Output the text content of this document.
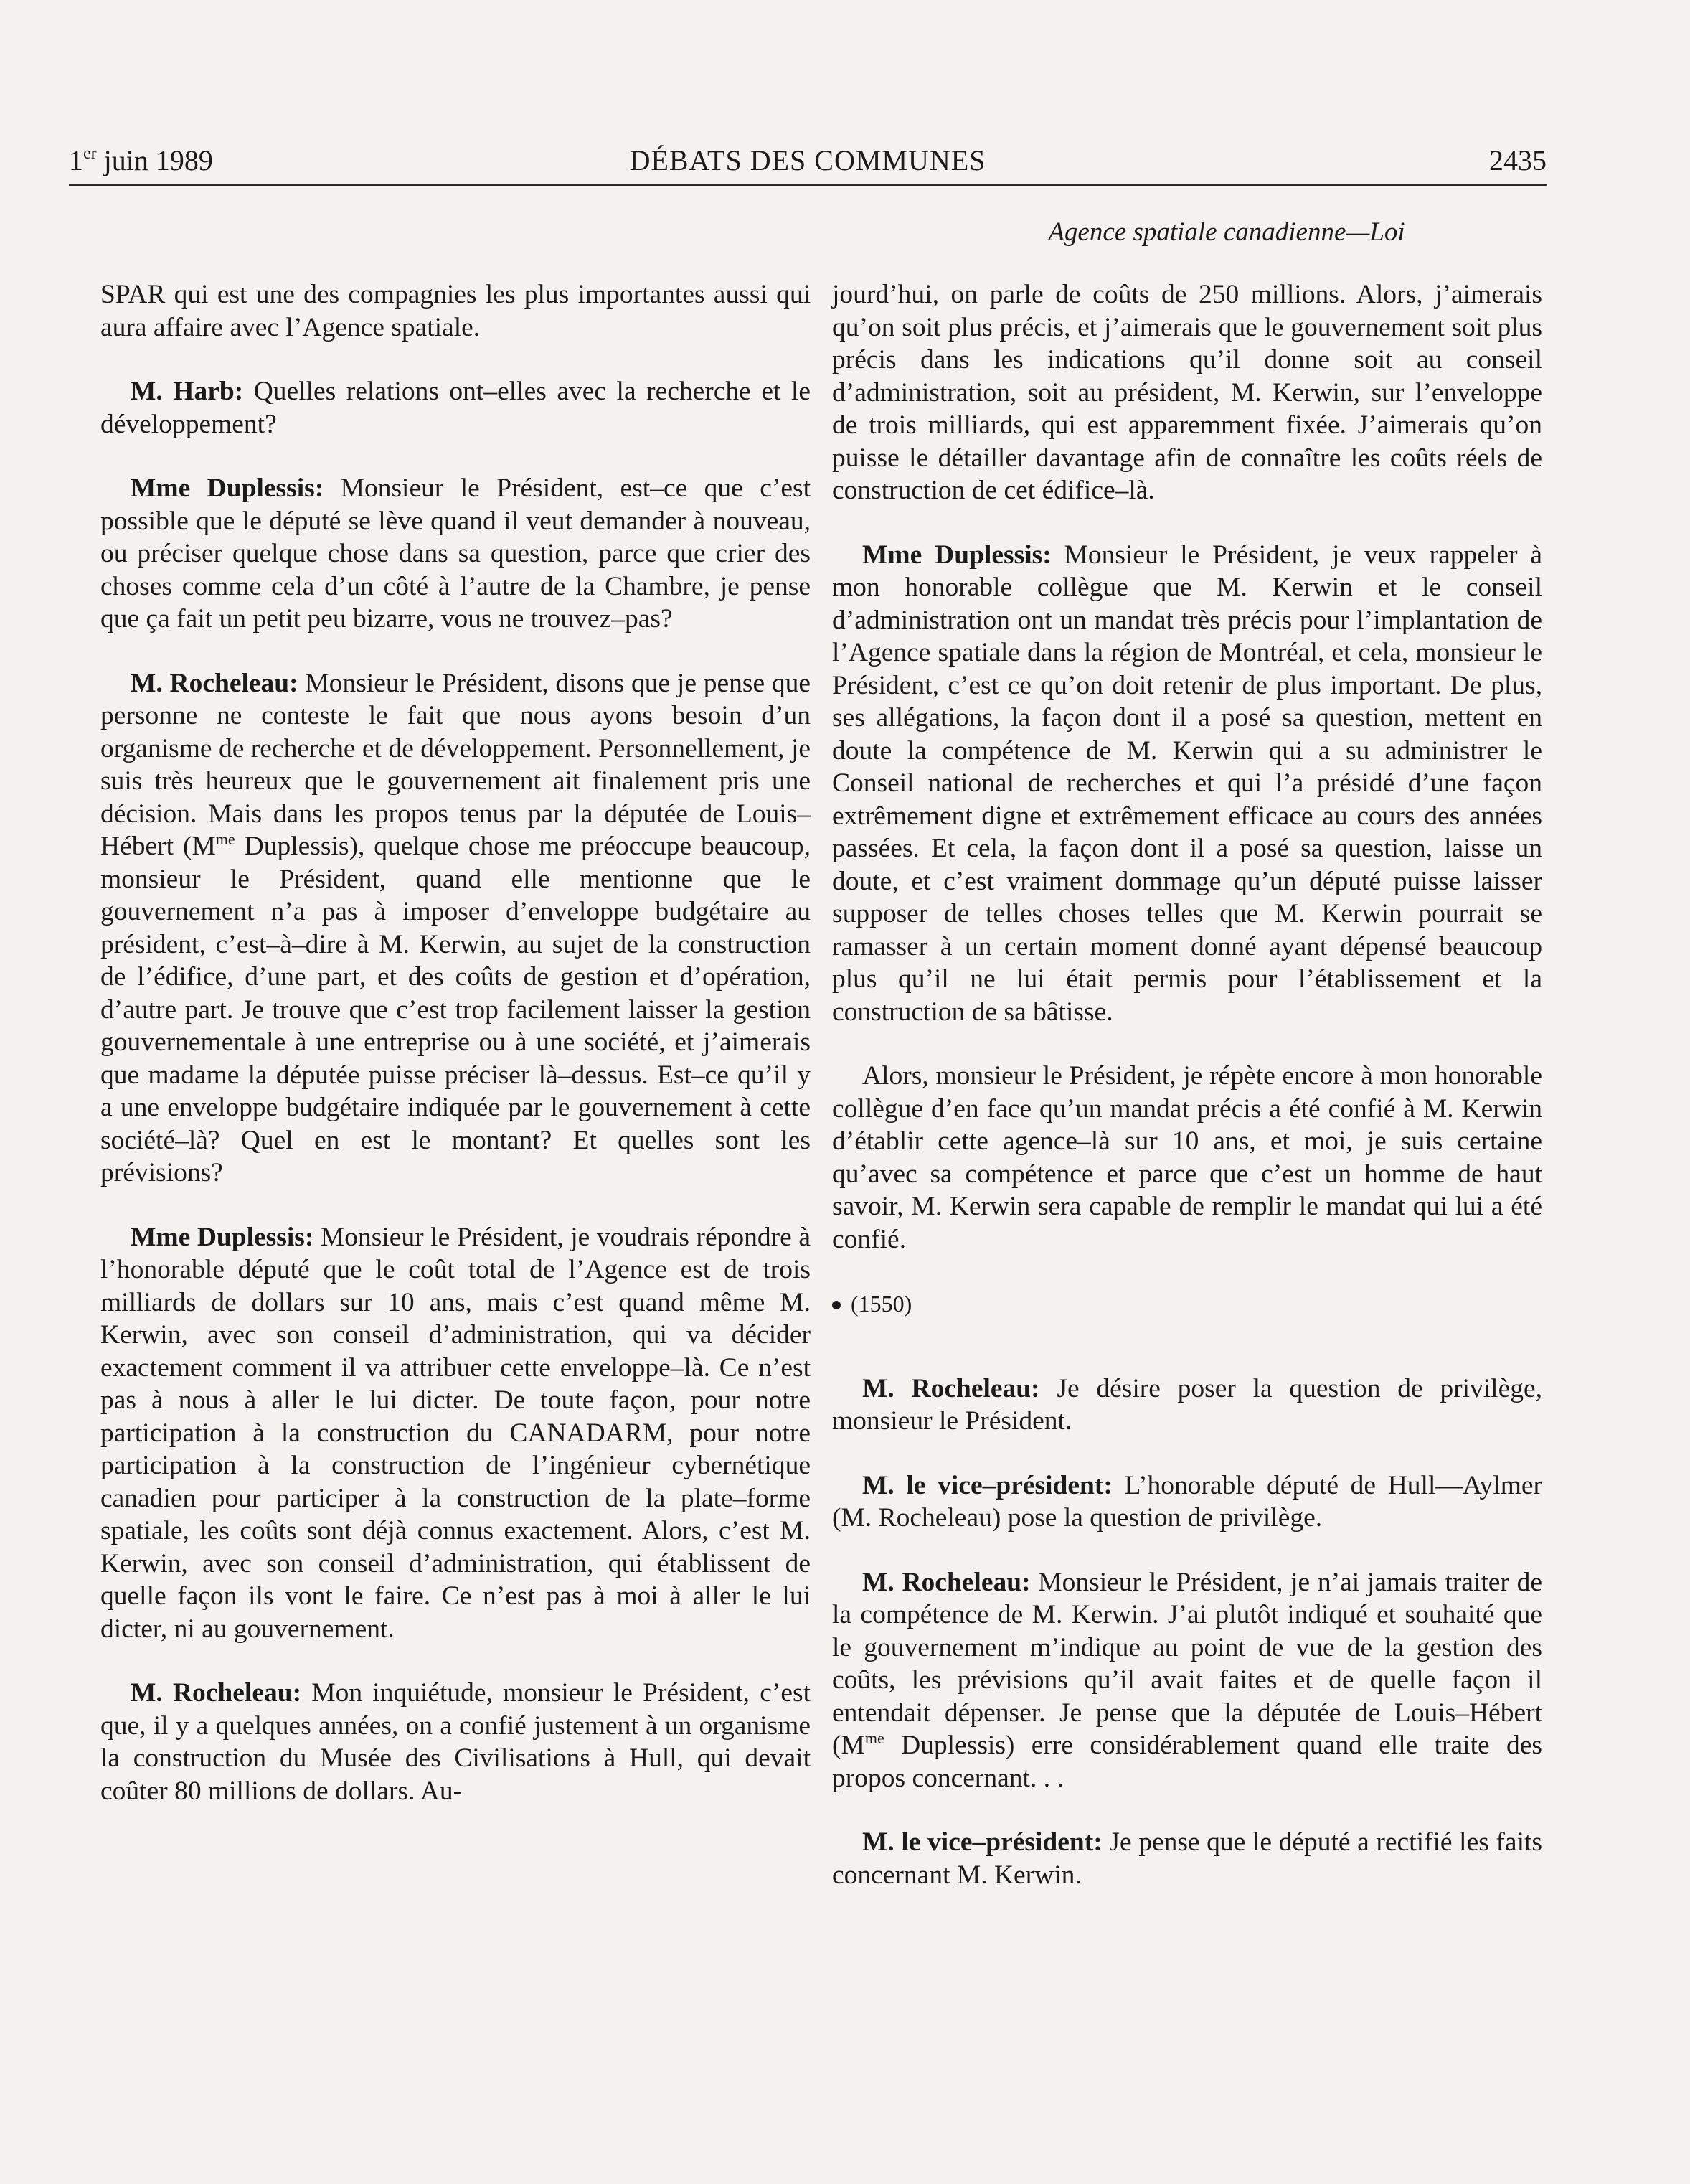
1er juin 1989	DÉBATS DES COMMUNES	2435
Agence spatiale canadienne—Loi

SPAR qui est une des compagnies les plus importantes aussi qui aura affaire avec l’Agence spatiale.

M. Harb: Quelles relations ont–elles avec la recherche et le développement?

Mme Duplessis: Monsieur le Président, est–ce que c’est possible que le député se lève quand il veut demander à nouveau, ou préciser quelque chose dans sa question, parce que crier des choses comme cela d’un côté à l’autre de la Chambre, je pense que ça fait un petit peu bizarre, vous ne trouvez–pas?

M. Rocheleau: Monsieur le Président, disons que je pense que personne ne conteste le fait que nous ayons besoin d’un organisme de recherche et de développement. Personnellement, je suis très heureux que le gouvernement ait finalement pris une décision. Mais dans les propos tenus par la députée de Louis–Hébert ($M^{me}$ Duplessis), quelque chose me préoccupe beaucoup, monsieur le Président, quand elle mentionne que le gouvernement n’a pas à imposer d’enveloppe budgétaire au président, c’est–à–dire à M. Kerwin, au sujet de la construction de l’édifice, d’une part, et des coûts de gestion et d’opération, d’autre part. Je trouve que c’est trop facilement laisser la gestion gouvernementale à une entreprise ou à une société, et j’aimerais que madame la députée puisse préciser là–dessus. Est–ce qu’il y a une enveloppe budgétaire indiquée par le gouvernement à cette société–là? Quel en est le montant? Et quelles sont les prévisions?

Mme Duplessis: Monsieur le Président, je voudrais répondre à l’honorable député que le coût total de l’Agence est de trois milliards de dollars sur 10 ans, mais c’est quand même M. Kerwin, avec son conseil d’administration, qui va décider exactement comment il va attribuer cette enveloppe–là. Ce n’est pas à nous à aller le lui dicter. De toute façon, pour notre participation à la construction du CANADARM, pour notre participation à la construction de l’ingénieur cybernétique canadien pour participer à la construction de la plate–forme spatiale, les coûts sont déjà connus exactement. Alors, c’est M. Kerwin, avec son conseil d’administration, qui établissent de quelle façon ils vont le faire. Ce n’est pas à moi à aller le lui dicter, ni au gouvernement.

M. Rocheleau: Mon inquiétude, monsieur le Président, c’est que, il y a quelques années, on a confié justement à un organisme la construction du Musée des Civilisations à Hull, qui devait coûter 80 millions de dollars. Au-

jourd’hui, on parle de coûts de 250 millions. Alors, j’aimerais qu’on soit plus précis, et j’aimerais que le gouvernement soit plus précis dans les indications qu’il donne soit au conseil d’administration, soit au président, M. Kerwin, sur l’enveloppe de trois milliards, qui est apparemment fixée. J’aimerais qu’on puisse le détailler davantage afin de connaître les coûts réels de construction de cet édifice–là.

Mme Duplessis: Monsieur le Président, je veux rappeler à mon honorable collègue que M. Kerwin et le conseil d’administration ont un mandat très précis pour l’implantation de l’Agence spatiale dans la région de Montréal, et cela, monsieur le Président, c’est ce qu’on doit retenir de plus important. De plus, ses allégations, la façon dont il a posé sa question, mettent en doute la compétence de M. Kerwin qui a su administrer le Conseil national de recherches et qui l’a présidé d’une façon extrêmement digne et extrêmement efficace au cours des années passées. Et cela, la façon dont il a posé sa question, laisse un doute, et c’est vraiment dommage qu’un député puisse laisser supposer de telles choses telles que M. Kerwin pourrait se ramasser à un certain moment donné ayant dépensé beaucoup plus qu’il ne lui était permis pour l’établissement et la construction de sa bâtisse.

Alors, monsieur le Président, je répète encore à mon honorable collègue d’en face qu’un mandat précis a été confié à M. Kerwin d’établir cette agence–là sur 10 ans, et moi, je suis certaine qu’avec sa compétence et parce que c’est un homme de haut savoir, M. Kerwin sera capable de remplir le mandat qui lui a été confié.

(1550)

M. Rocheleau: Je désire poser la question de privilège, monsieur le Président.

M. le vice–président: L’honorable député de Hull—Aylmer (M. Rocheleau) pose la question de privilège.

M. Rocheleau: Monsieur le Président, je n’ai jamais traiter de la compétence de M. Kerwin. J’ai plutôt indiqué et souhaité que le gouvernement m’indique au point de vue de la gestion des coûts, les prévisions qu’il avait faites et de quelle façon il entendait dépenser. Je pense que la députée de Louis–Hébert ($M^{me}$ Duplessis) erre considérablement quand elle traite des propos concernant. . .

M. le vice–président: Je pense que le député a rectifié les faits concernant M. Kerwin.
